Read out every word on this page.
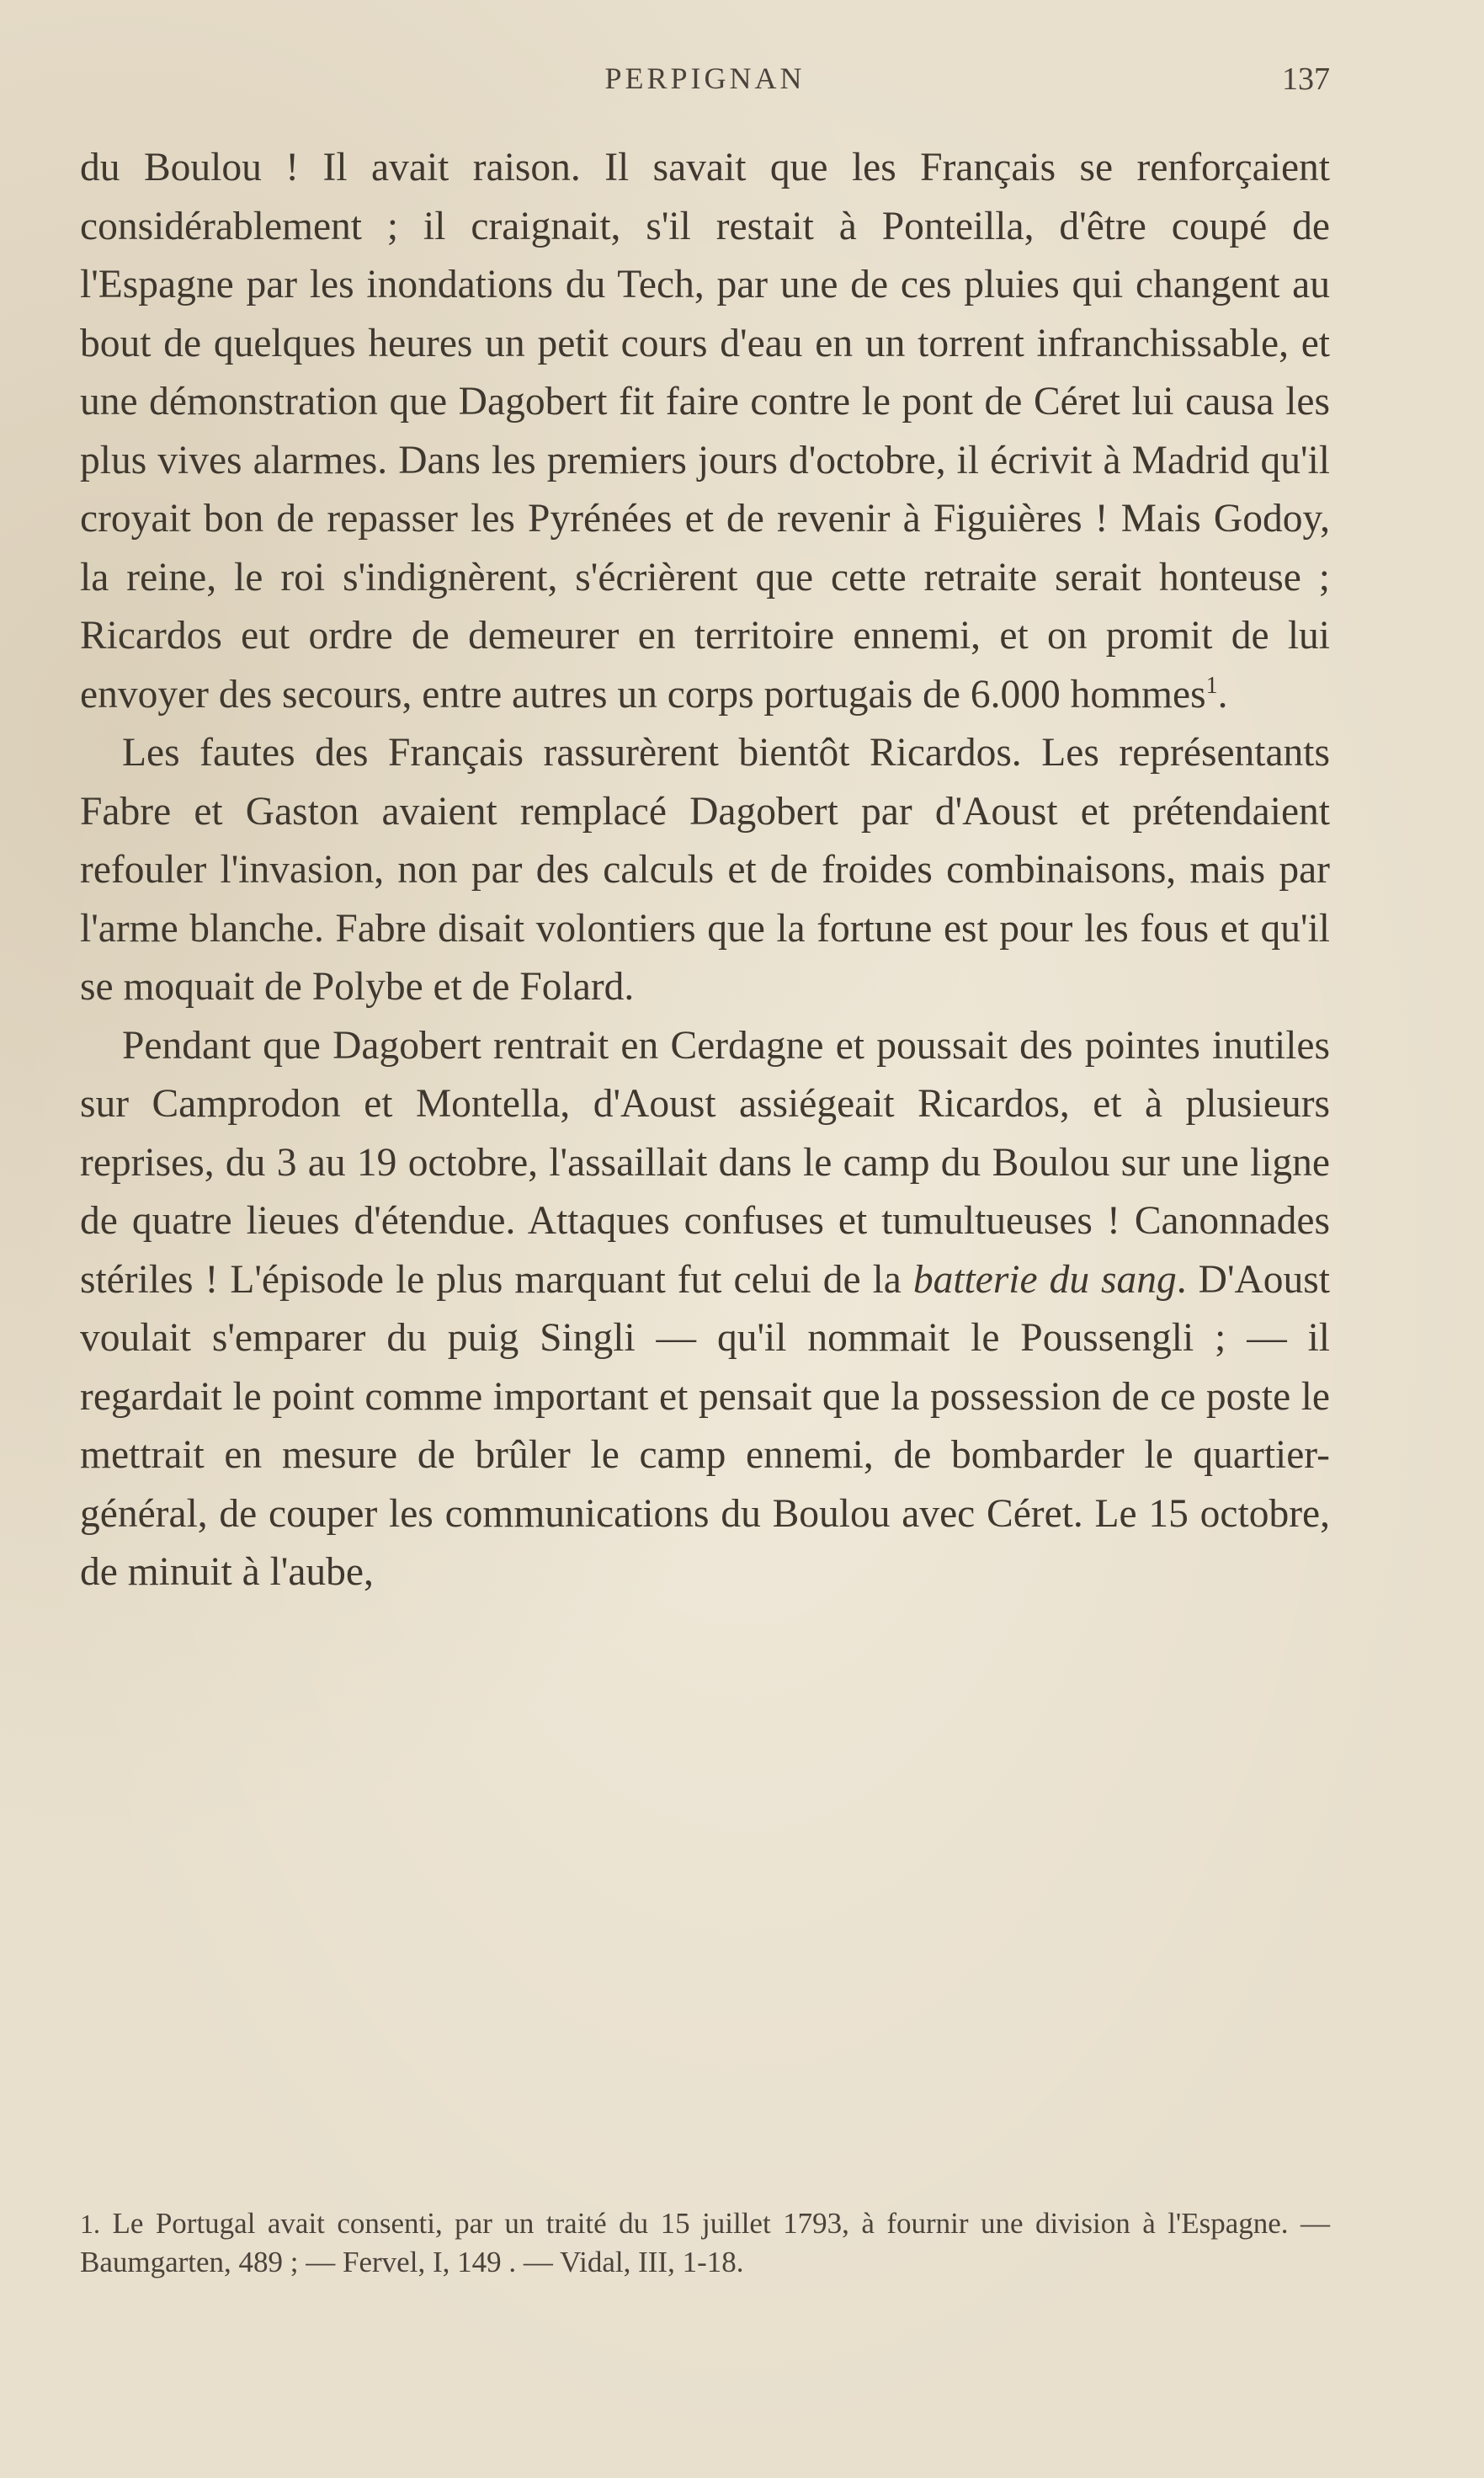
PERPIGNAN	137

du Boulou ! Il avait raison. Il savait que les Français se renforçaient considérablement ; il craignait, s'il restait à Ponteilla, d'être coupé de l'Espagne par les inondations du Tech, par une de ces pluies qui changent au bout de quelques heures un petit cours d'eau en un torrent infranchissable, et une démonstration que Dagobert fit faire contre le pont de Céret lui causa les plus vives alarmes. Dans les premiers jours d'octobre, il écrivit à Madrid qu'il croyait bon de repasser les Pyrénées et de revenir à Figuières ! Mais Godoy, la reine, le roi s'indignèrent, s'écrièrent que cette retraite serait honteuse ; Ricardos eut ordre de demeurer en territoire ennemi, et on promit de lui envoyer des secours, entre autres un corps portugais de 6.000 hommes$^1$.

Les fautes des Français rassurèrent bientôt Ricardos. Les représentants Fabre et Gaston avaient remplacé Dagobert par d'Aoust et prétendaient refouler l'invasion, non par des calculs et de froides combinaisons, mais par l'arme blanche. Fabre disait volontiers que la fortune est pour les fous et qu'il se moquait de Polybe et de Folard.

Pendant que Dagobert rentrait en Cerdagne et poussait des pointes inutiles sur Camprodon et Montella, d'Aoust assiégeait Ricardos, et à plusieurs reprises, du 3 au 19 octobre, l'assaillait dans le camp du Boulou sur une ligne de quatre lieues d'étendue. Attaques confuses et tumultueuses ! Canonnades stériles ! L'épisode le plus marquant fut celui de la batterie du sang. D'Aoust voulait s'emparer du puig Singli — qu'il nommait le Poussengli ; — il regardait le point comme important et pensait que la possession de ce poste le mettrait en mesure de brûler le camp ennemi, de bombarder le quartier-général, de couper les communications du Boulou avec Céret. Le 15 octobre, de minuit à l'aube,

1. Le Portugal avait consenti, par un traité du 15 juillet 1793, à fournir une division à l'Espagne. — Baumgarten, 489 ; — Fervel, I, 149 . — Vidal, III, 1-18.
